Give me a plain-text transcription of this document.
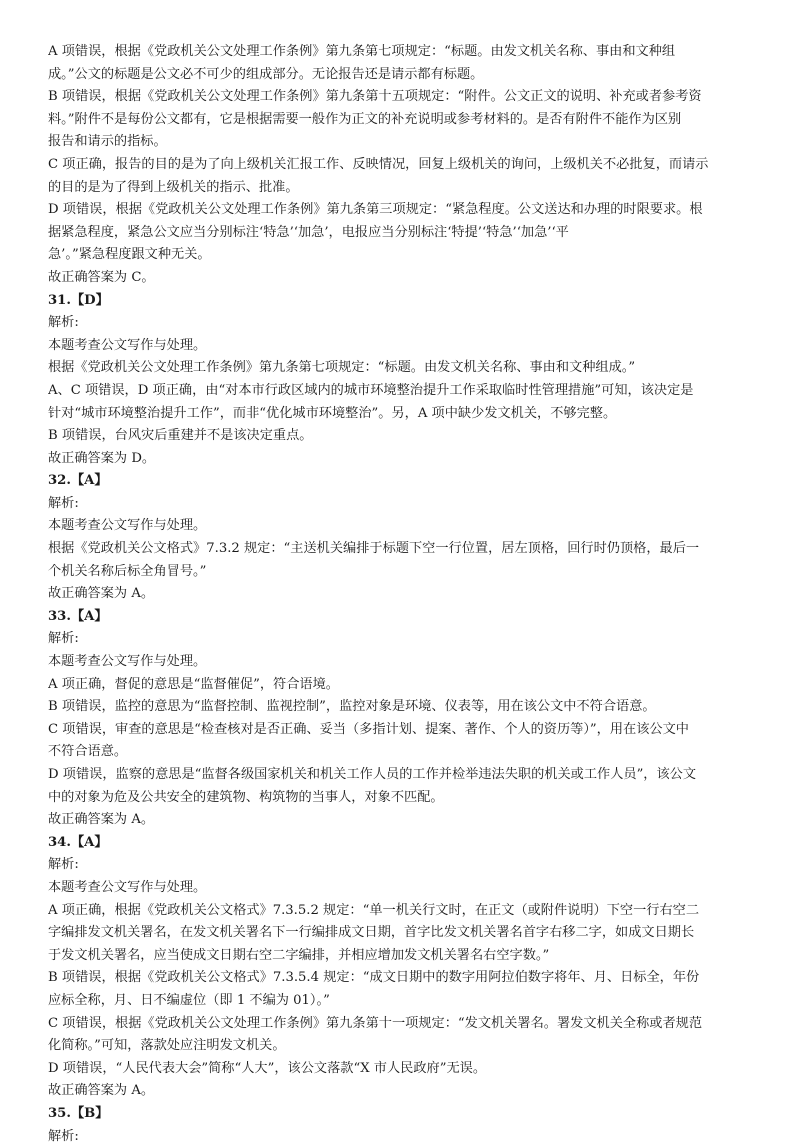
A 项错误，根据《党政机关公文处理工作条例》第九条第七项规定：“标题。由发文机关名称、事由和文种组
成。”公文的标题是公文必不可少的组成部分。无论报告还是请示都有标题。
B 项错误，根据《党政机关公文处理工作条例》第九条第十五项规定：“附件。公文正文的说明、补充或者参考资
料。”附件不是每份公文都有，它是根据需要一般作为正文的补充说明或参考材料的。是否有附件不能作为区别
报告和请示的指标。
C 项正确，报告的目的是为了向上级机关汇报工作、反映情况，回复上级机关的询问，上级机关不必批复，而请示
的目的是为了得到上级机关的指示、批准。
D 项错误，根据《党政机关公文处理工作条例》第九条第三项规定：“紧急程度。公文送达和办理的时限要求。根
据紧急程度，紧急公文应当分别标注‘特急’‘加急’，电报应当分别标注‘特提’‘特急’‘加急’‘平
急’。”紧急程度跟文种无关。
故正确答案为 C。
31.【D】
解析:
本题考查公文写作与处理。
根据《党政机关公文处理工作条例》第九条第七项规定：“标题。由发文机关名称、事由和文种组成。”
A、C 项错误，D 项正确，由“对本市行政区域内的城市环境整治提升工作采取临时性管理措施”可知，该决定是
针对“城市环境整治提升工作”，而非“优化城市环境整治”。另，A 项中缺少发文机关，不够完整。
B 项错误，台风灾后重建并不是该决定重点。
故正确答案为 D。
32.【A】
解析:
本题考查公文写作与处理。
根据《党政机关公文格式》7.3.2 规定：“主送机关编排于标题下空一行位置，居左顶格，回行时仍顶格，最后一
个机关名称后标全角冒号。”
故正确答案为 A。
33.【A】
解析:
本题考查公文写作与处理。
A 项正确，督促的意思是“监督催促”，符合语境。
B 项错误，监控的意思为“监督控制、监视控制”，监控对象是环境、仪表等，用在该公文中不符合语意。
C 项错误，审查的意思是“检查核对是否正确、妥当（多指计划、提案、著作、个人的资历等）”，用在该公文中
不符合语意。
D 项错误，监察的意思是“监督各级国家机关和机关工作人员的工作并检举违法失职的机关或工作人员”，该公文
中的对象为危及公共安全的建筑物、构筑物的当事人，对象不匹配。
故正确答案为 A。
34.【A】
解析:
本题考查公文写作与处理。
A 项正确，根据《党政机关公文格式》7.3.5.2 规定：“单一机关行文时，在正文（或附件说明）下空一行右空二
字编排发文机关署名，在发文机关署名下一行编排成文日期，首字比发文机关署名首字右移二字，如成文日期长
于发文机关署名，应当使成文日期右空二字编排，并相应增加发文机关署名右空字数。”
B 项错误，根据《党政机关公文格式》7.3.5.4 规定：“成文日期中的数字用阿拉伯数字将年、月、日标全，年份
应标全称，月、日不编虚位（即 1 不编为 01）。”
C 项错误，根据《党政机关公文处理工作条例》第九条第十一项规定：“发文机关署名。署发文机关全称或者规范
化简称。”可知，落款处应注明发文机关。
D 项错误，“人民代表大会”简称“人大”，该公文落款“X 市人民政府”无误。
故正确答案为 A。
35.【B】
解析:
